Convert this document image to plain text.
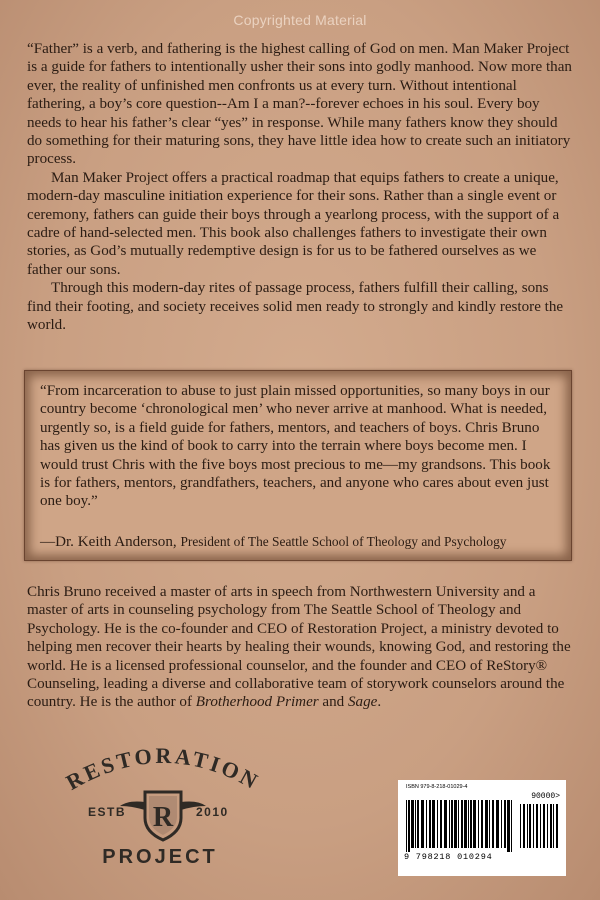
Copyrighted Material

“Father” is a verb, and fathering is the highest calling of God on men. Man Maker Project is a guide for fathers to intentionally usher their sons into godly manhood. Now more than ever, the reality of unfinished men confronts us at every turn. Without intentional fathering, a boy’s core question--Am I a man?--forever echoes in his soul. Every boy needs to hear his father’s clear “yes” in response. While many fathers know they should do something for their maturing sons, they have little idea how to create such an initiatory process.

Man Maker Project offers a practical roadmap that equips fathers to create a unique, modern-day masculine initiation experience for their sons. Rather than a single event or ceremony, fathers can guide their boys through a yearlong process, with the support of a cadre of hand-selected men. This book also challenges fathers to investigate their own stories, as God’s mutually redemptive design is for us to be fathered ourselves as we father our sons.

Through this modern-day rites of passage process, fathers fulfill their calling, sons find their footing, and society receives solid men ready to strongly and kindly restore the world.

“From incarceration to abuse to just plain missed opportunities, so many boys in our country become ‘chronological men’ who never arrive at manhood. What is needed, urgently so, is a field guide for fathers, mentors, and teachers of boys. Chris Bruno has given us the kind of book to carry into the terrain where boys become men. I would trust Chris with the five boys most precious to me—my grandsons. This book is for fathers, mentors, grandfathers, teachers, and anyone who cares about even just one boy.”
—Dr. Keith Anderson, President of The Seattle School of Theology and Psychology
Chris Bruno received a master of arts in speech from Northwestern University and a master of arts in counseling psychology from The Seattle School of Theology and Psychology. He is the co-founder and CEO of Restoration Project, a ministry devoted to helping men recover their hearts by healing their wounds, knowing God, and restoring the world. He is a licensed professional counselor, and the founder and CEO of ReStory® Counseling, leading a diverse and collaborative team of storywork counselors around the country. He is the author of Brotherhood Primer and Sage.
RESTORATION
R
ESTB	2010
PROJECT
ISBN 979-8-218-01029-4
90000>
9 798218 010294
